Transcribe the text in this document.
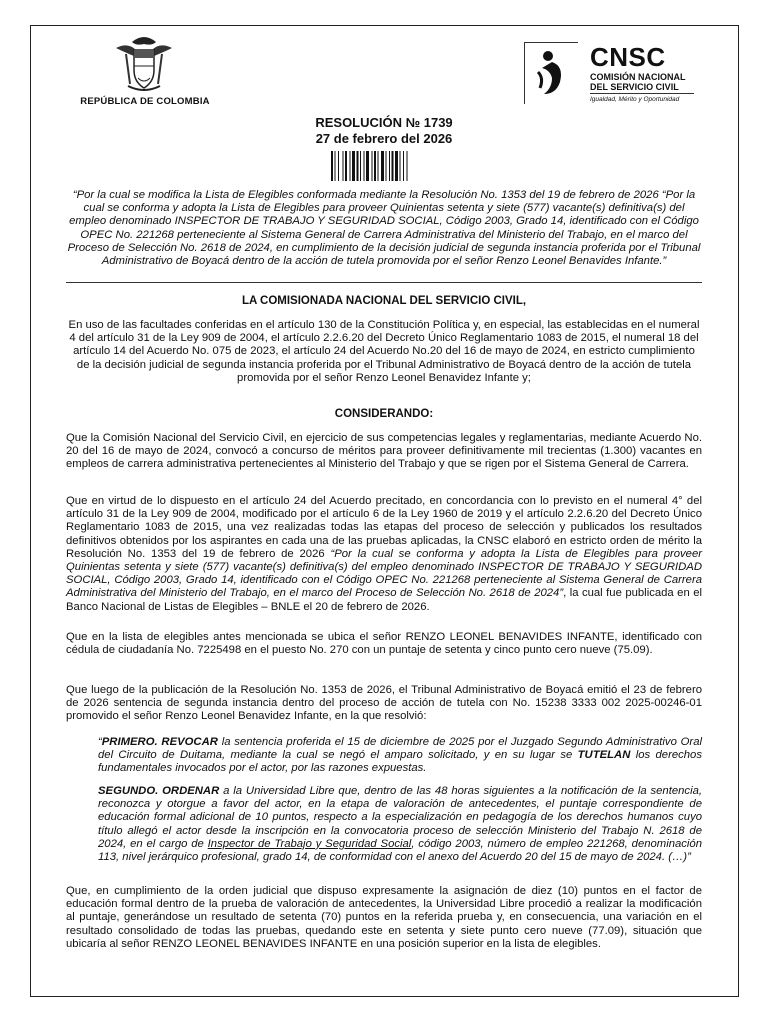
REPÚBLICA DE COLOMBIA
CNSC
COMISIÓN NACIONAL
DEL SERVICIO CIVIL
Igualdad, Mérito y Oportunidad
RESOLUCIÓN № 1739
27 de febrero del 2026
“Por la cual se modifica la Lista de Elegibles conformada mediante la Resolución No. 1353 del 19 de febrero de 2026 “Por la cual se conforma y adopta la Lista de Elegibles para proveer Quinientas setenta y siete (577) vacante(s) definitiva(s) del empleo denominado INSPECTOR DE TRABAJO Y SEGURIDAD SOCIAL, Código 2003, Grado 14, identificado con el Código OPEC No. 221268 perteneciente al Sistema General de Carrera Administrativa del Ministerio del Trabajo, en el marco del Proceso de Selección No. 2618 de 2024, en cumplimiento de la decisión judicial de segunda instancia proferida por el Tribunal Administrativo de Boyacá dentro de la acción de tutela promovida por el señor Renzo Leonel Benavides Infante.”
LA COMISIONADA NACIONAL DEL SERVICIO CIVIL,
En uso de las facultades conferidas en el artículo 130 de la Constitución Política y, en especial, las establecidas en el numeral 4 del artículo 31 de la Ley 909 de 2004, el artículo 2.2.6.20 del Decreto Único Reglamentario 1083 de 2015, el numeral 18 del artículo 14 del Acuerdo No. 075 de 2023, el artículo 24 del Acuerdo No.20 del 16 de mayo de 2024, en estricto cumplimiento de la decisión judicial de segunda instancia proferida por el Tribunal Administrativo de Boyacá dentro de la acción de tutela promovida por el señor Renzo Leonel Benavidez Infante y;
CONSIDERANDO:
Que la Comisión Nacional del Servicio Civil, en ejercicio de sus competencias legales y reglamentarias, mediante Acuerdo No. 20 del 16 de mayo de 2024, convocó a concurso de méritos para proveer definitivamente mil trecientas (1.300) vacantes en empleos de carrera administrativa pertenecientes al Ministerio del Trabajo y que se rigen por el Sistema General de Carrera.
Que en virtud de lo dispuesto en el artículo 24 del Acuerdo precitado, en concordancia con lo previsto en el numeral 4° del artículo 31 de la Ley 909 de 2004, modificado por el artículo 6 de la Ley 1960 de 2019 y el artículo 2.2.6.20 del Decreto Único Reglamentario 1083 de 2015, una vez realizadas todas las etapas del proceso de selección y publicados los resultados definitivos obtenidos por los aspirantes en cada una de las pruebas aplicadas, la CNSC elaboró en estricto orden de mérito la Resolución No. 1353 del 19 de febrero de 2026 “Por la cual se conforma y adopta la Lista de Elegibles para proveer Quinientas setenta y siete (577) vacante(s) definitiva(s) del empleo denominado INSPECTOR DE TRABAJO Y SEGURIDAD SOCIAL, Código 2003, Grado 14, identificado con el Código OPEC No. 221268 perteneciente al Sistema General de Carrera Administrativa del Ministerio del Trabajo, en el marco del Proceso de Selección No. 2618 de 2024”, la cual fue publicada en el Banco Nacional de Listas de Elegibles – BNLE el 20 de febrero de 2026.
Que en la lista de elegibles antes mencionada se ubica el señor RENZO LEONEL BENAVIDES INFANTE, identificado con cédula de ciudadanía No. 7225498 en el puesto No. 270 con un puntaje de setenta y cinco punto cero nueve (75.09).
Que luego de la publicación de la Resolución No. 1353 de 2026, el Tribunal Administrativo de Boyacá emitió el 23 de febrero de 2026 sentencia de segunda instancia dentro del proceso de acción de tutela con No. 15238 3333 002 2025-00246-01 promovido el señor Renzo Leonel Benavidez Infante, en la que resolvió:
“PRIMERO. REVOCAR la sentencia proferida el 15 de diciembre de 2025 por el Juzgado Segundo Administrativo Oral del Circuito de Duitama, mediante la cual se negó el amparo solicitado, y en su lugar se TUTELAN los derechos fundamentales invocados por el actor, por las razones expuestas.
SEGUNDO. ORDENAR a la Universidad Libre que, dentro de las 48 horas siguientes a la notificación de la sentencia, reconozca y otorgue a favor del actor, en la etapa de valoración de antecedentes, el puntaje correspondiente de educación formal adicional de 10 puntos, respecto a la especialización en pedagogía de los derechos humanos cuyo título allegó el actor desde la inscripción en la convocatoria proceso de selección Ministerio del Trabajo N. 2618 de 2024, en el cargo de Inspector de Trabajo y Seguridad Social, código 2003, número de empleo 221268, denominación 113, nivel jerárquico profesional, grado 14, de conformidad con el anexo del Acuerdo 20 del 15 de mayo de 2024. (…)”
Que, en cumplimiento de la orden judicial que dispuso expresamente la asignación de diez (10) puntos en el factor de educación formal dentro de la prueba de valoración de antecedentes, la Universidad Libre procedió a realizar la modificación al puntaje, generándose un resultado de setenta (70) puntos en la referida prueba y, en consecuencia, una variación en el resultado consolidado de todas las pruebas, quedando este en setenta y siete punto cero nueve (77.09), situación que ubicaría al señor RENZO LEONEL BENAVIDES INFANTE en una posición superior en la lista de elegibles.
